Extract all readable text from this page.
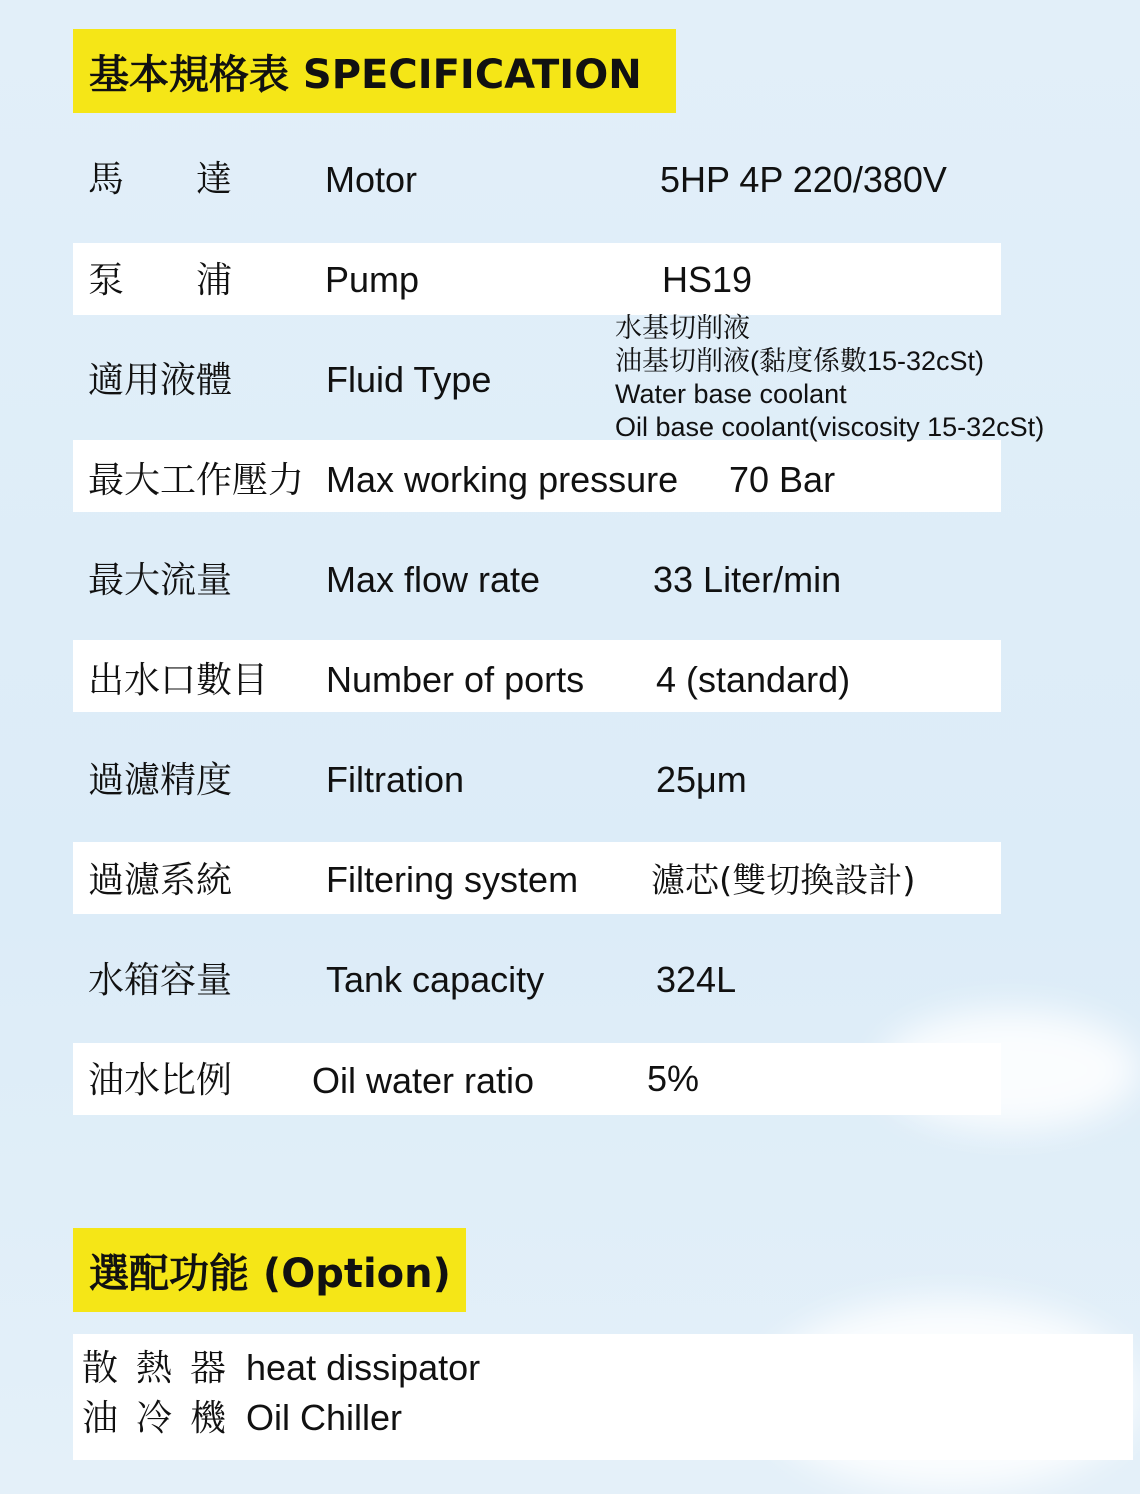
基本規格表 SPECIFICATION
馬　　達	Motor	5HP 4P 220/380V
泵　　浦	Pump	HS19
適用液體	Fluid Type
水基切削液
油基切削液(黏度係數15-32cSt)
Water base coolant
Oil base coolant(viscosity 15-32cSt)
最大工作壓力 Max working pressure 70 Bar
最大流量	Max flow rate	33 Liter/min
出水口數目 Number of ports 4 (standard)
過濾精度	Filtration	25μm
過濾系統	Filtering system 濾芯(雙切換設計)
水箱容量	Tank capacity	324L
油水比例 Oil water ratio	5%
選配功能 (Option)
散熱器heat dissipator
油冷機Oil Chiller
